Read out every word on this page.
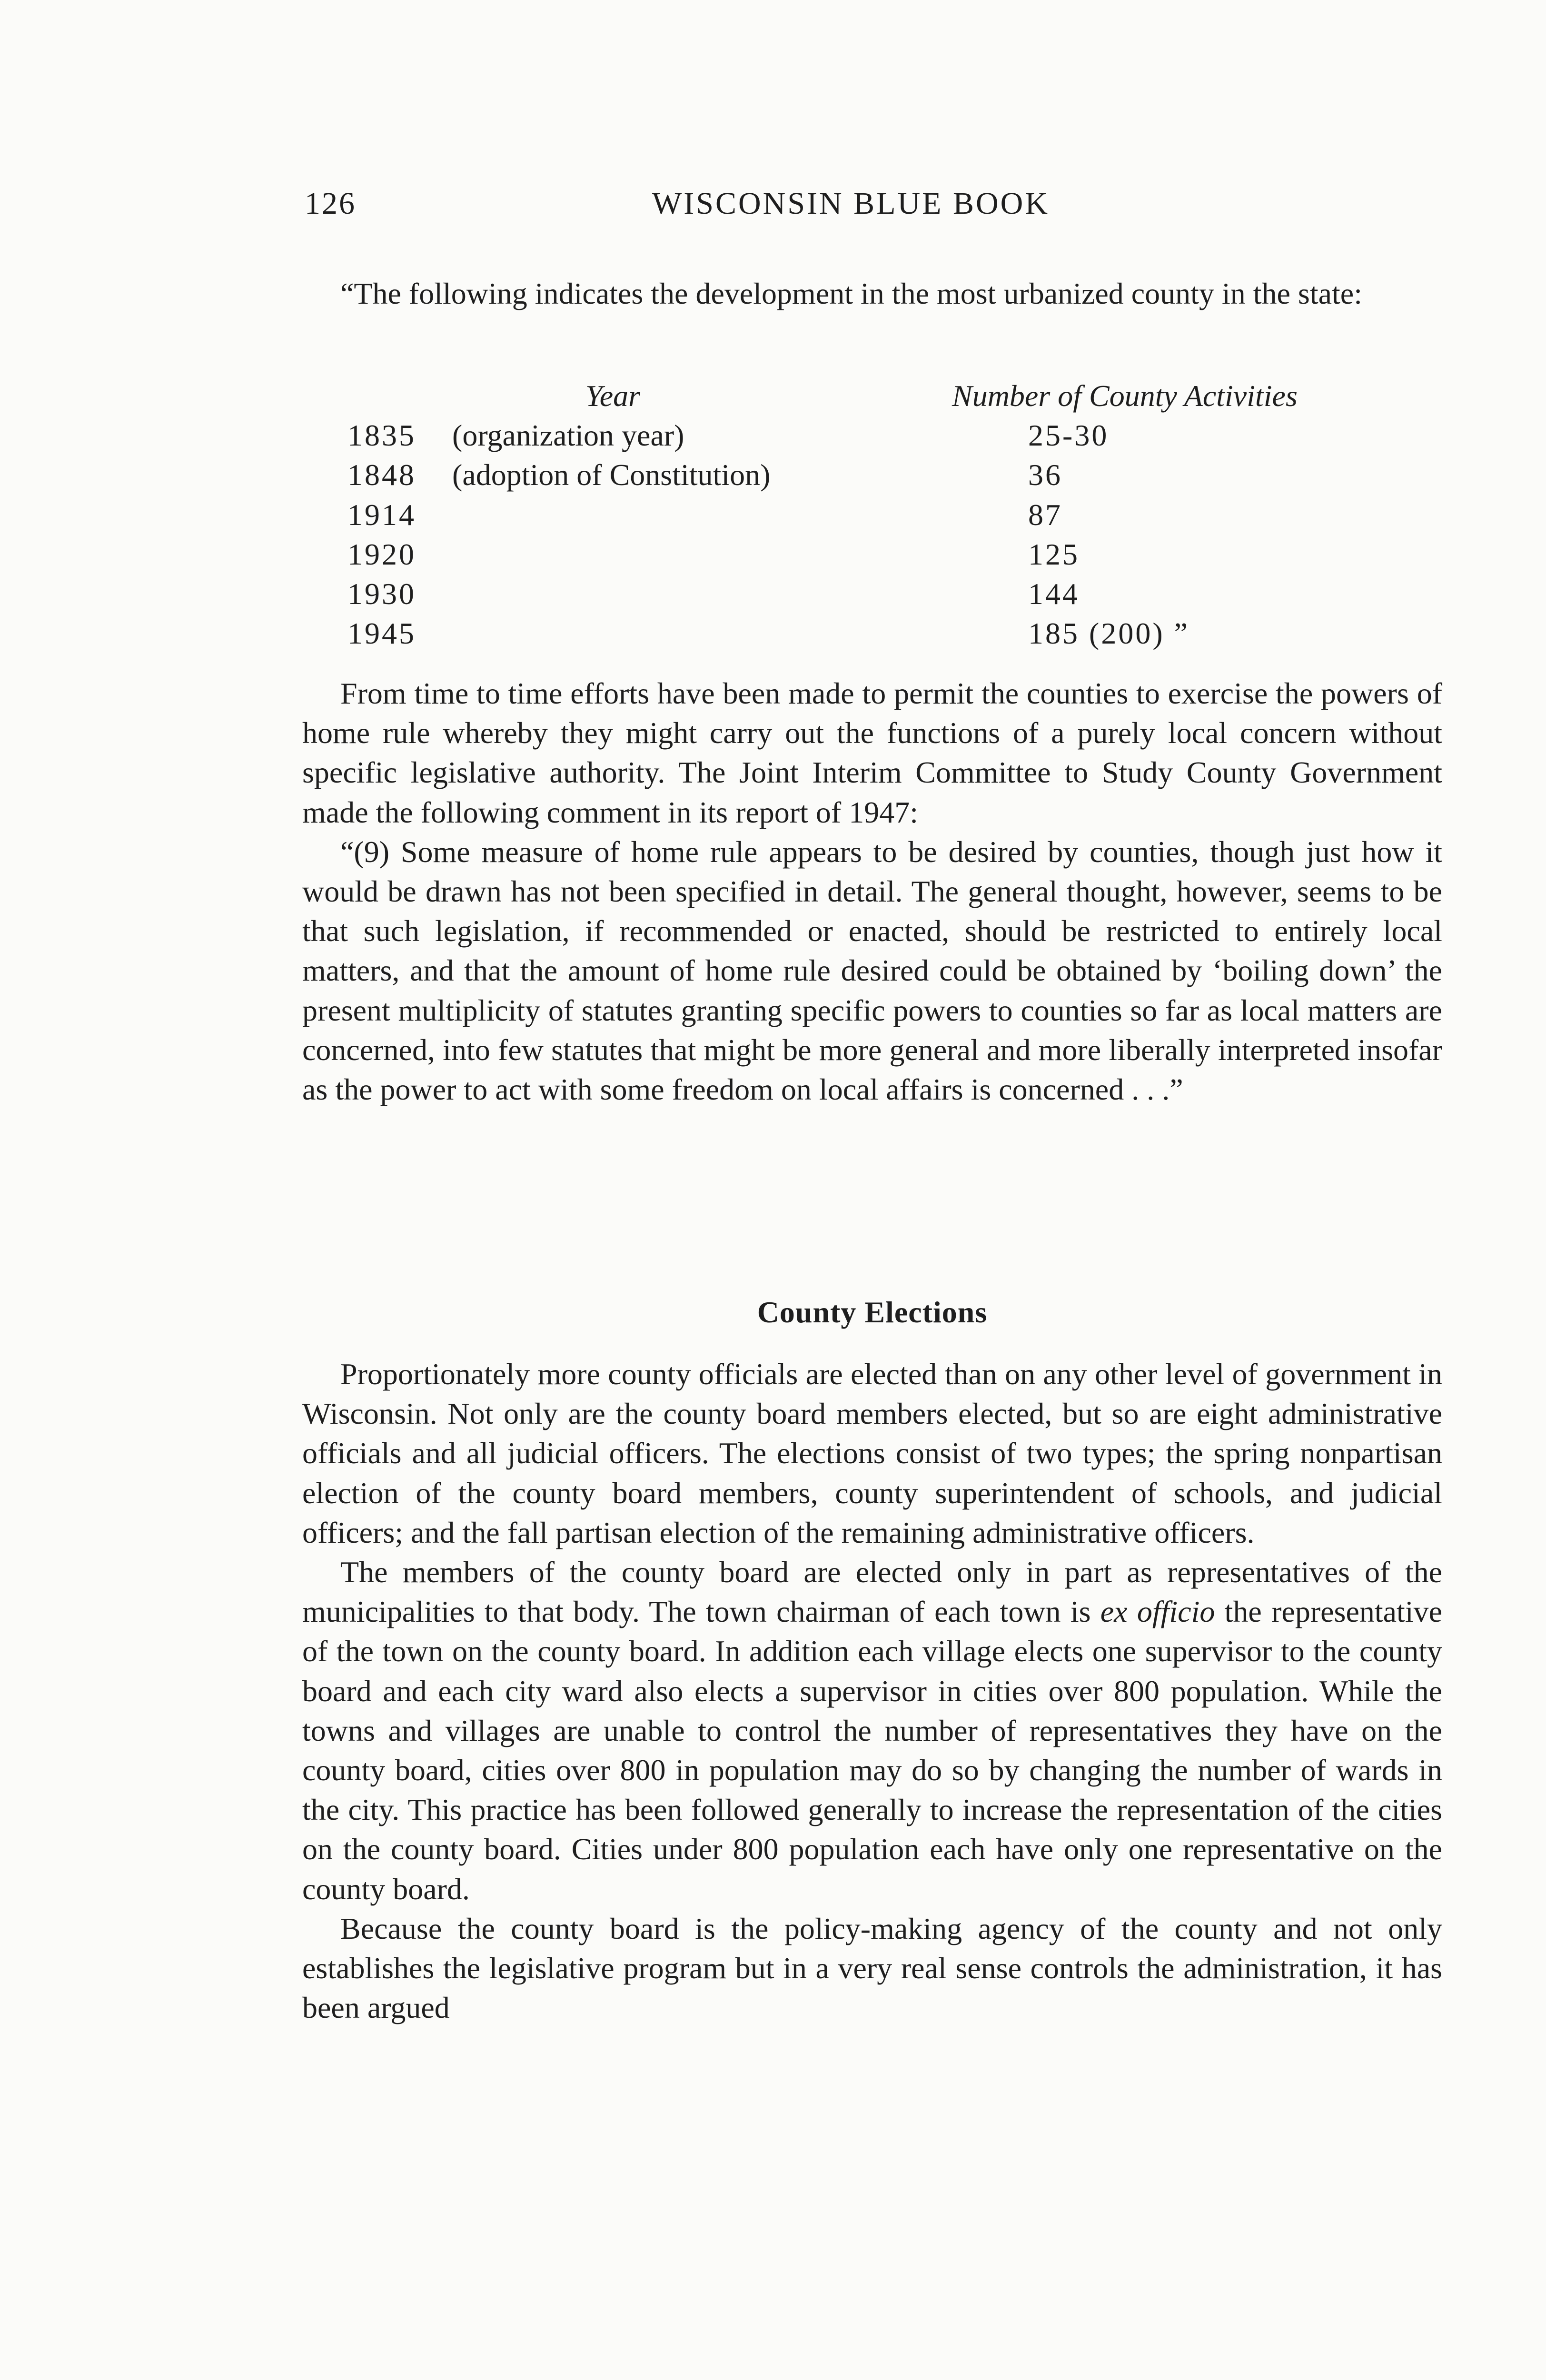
126	WISCONSIN BLUE BOOK

“The following indicates the development in the most urbanized county in the state:

Year	Number of County Activities
1835 (organization year)	25-30
1848 (adoption of Constitution)	36
1914	87
1920	125
1930	144
1945	185 (200) ”

From time to time efforts have been made to permit the counties to exercise the powers of home rule whereby they might carry out the functions of a purely local concern without specific legislative authority. The Joint Interim Committee to Study County Government made the following comment in its report of 1947:

“(9) Some measure of home rule appears to be desired by counties, though just how it would be drawn has not been specified in detail. The general thought, however, seems to be that such legislation, if recommended or enacted, should be restricted to entirely local matters, and that the amount of home rule desired could be obtained by ‘boiling down’ the present multiplicity of statutes granting specific powers to counties so far as local matters are concerned, into few statutes that might be more general and more liberally interpreted insofar as the power to act with some freedom on local affairs is concerned . . .”

County Elections

Proportionately more county officials are elected than on any other level of government in Wisconsin. Not only are the county board members elected, but so are eight administrative officials and all judicial officers. The elections consist of two types; the spring nonpartisan election of the county board members, county superintendent of schools, and judicial officers; and the fall partisan election of the remaining administrative officers.

The members of the county board are elected only in part as representatives of the municipalities to that body. The town chairman of each town is ex officio the representative of the town on the county board. In addition each village elects one supervisor to the county board and each city ward also elects a supervisor in cities over 800 population. While the towns and villages are unable to control the number of representatives they have on the county board, cities over 800 in population may do so by changing the number of wards in the city. This practice has been followed generally to increase the representation of the cities on the county board. Cities under 800 population each have only one representative on the county board.

Because the county board is the policy-making agency of the county and not only establishes the legislative program but in a very real sense controls the administration, it has been argued
